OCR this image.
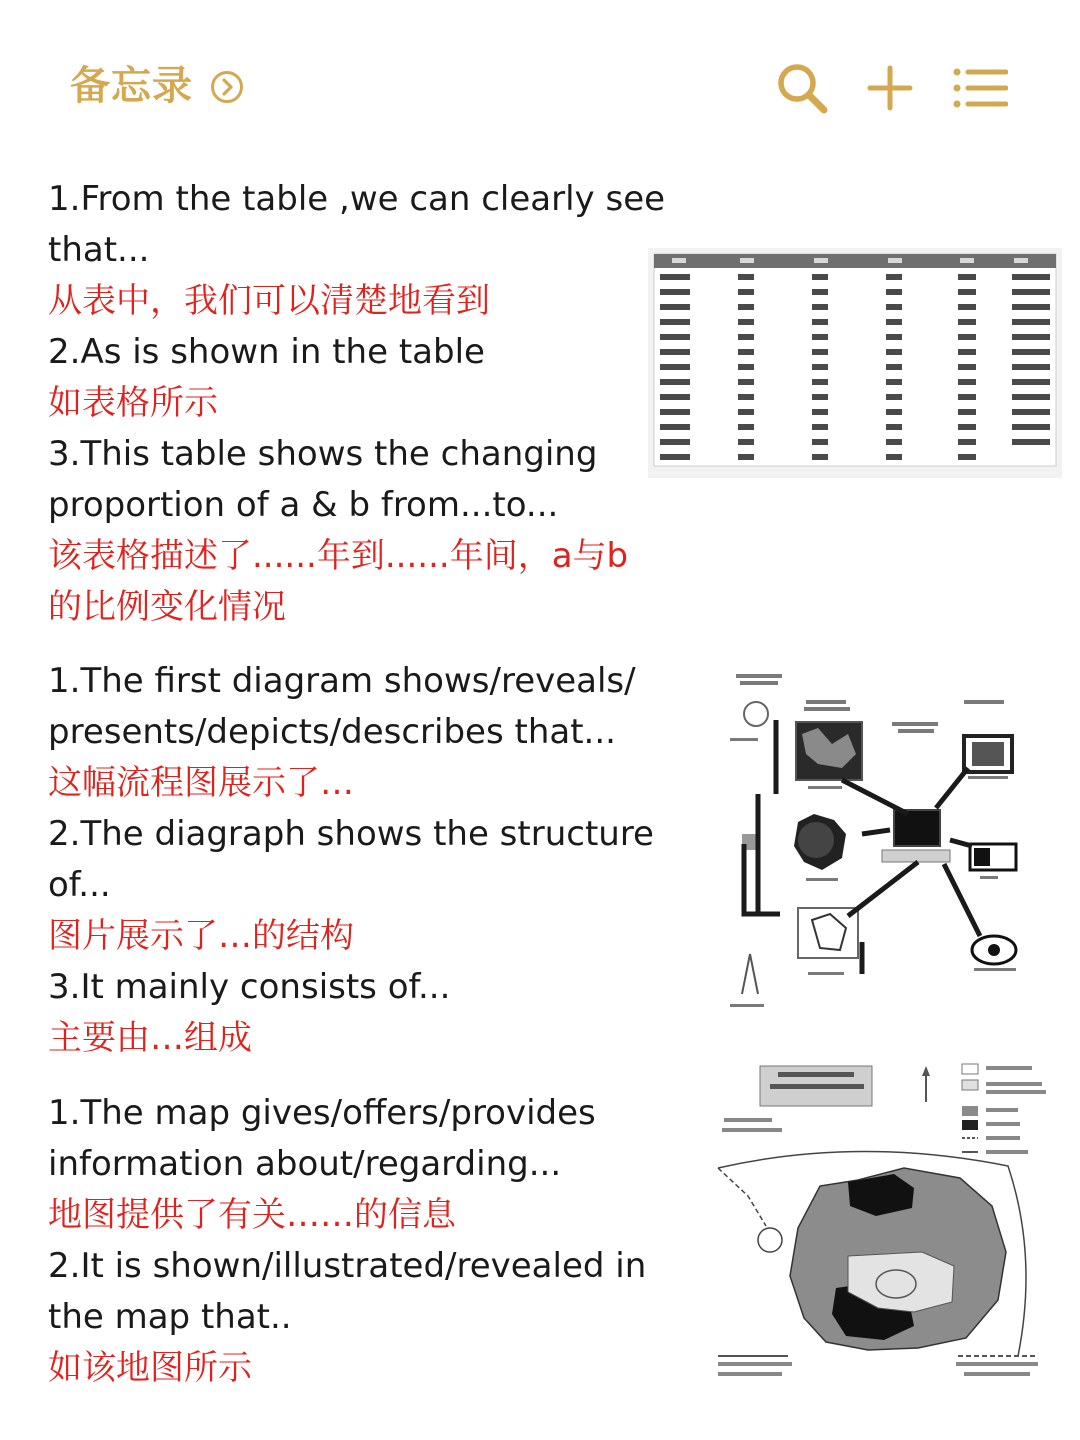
备忘录
1.From the table ,we can clearly see
that...
从表中，我们可以清楚地看到
2.As is shown in the table
如表格所示
3.This table shows the changing
proportion of a & b from...to...
该表格描述了......年到......年间，a与b
的比例变化情况
1.The first diagram shows/reveals/
presents/depicts/describes that...
这幅流程图展示了…
2.The diagraph shows the structure
of...
图片展示了…的结构
3.It mainly consists of...
主要由…组成
1.The map gives/offers/provides
information about/regarding...
地图提供了有关……的信息
2.It is shown/illustrated/revealed in
the map that..
如该地图所示
